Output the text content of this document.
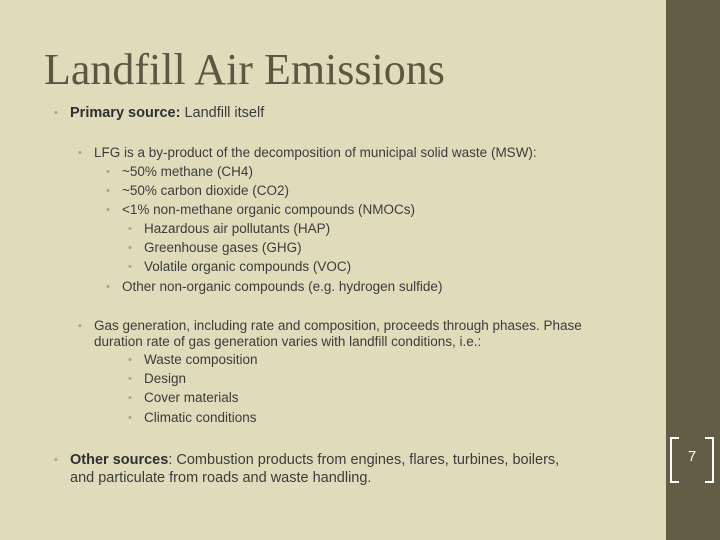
7
Landfill Air Emissions
• Primary source: Landfill itself
• LFG is a by-product of the decomposition of municipal solid waste (MSW):
• ~50% methane (CH4)
• ~50% carbon dioxide (CO2)
• <1% non-methane organic compounds (NMOCs)
• Hazardous air pollutants (HAP)
• Greenhouse gases (GHG)
• Volatile organic compounds (VOC)
• Other non-organic compounds (e.g. hydrogen sulfide)
• Gas generation, including rate and composition, proceeds through phases. Phase
duration rate of gas generation varies with landfill conditions, i.e.:
• Waste composition
• Design
• Cover materials
• Climatic conditions
• Other sources: Combustion products from engines, flares, turbines, boilers,
and particulate from roads and waste handling.
